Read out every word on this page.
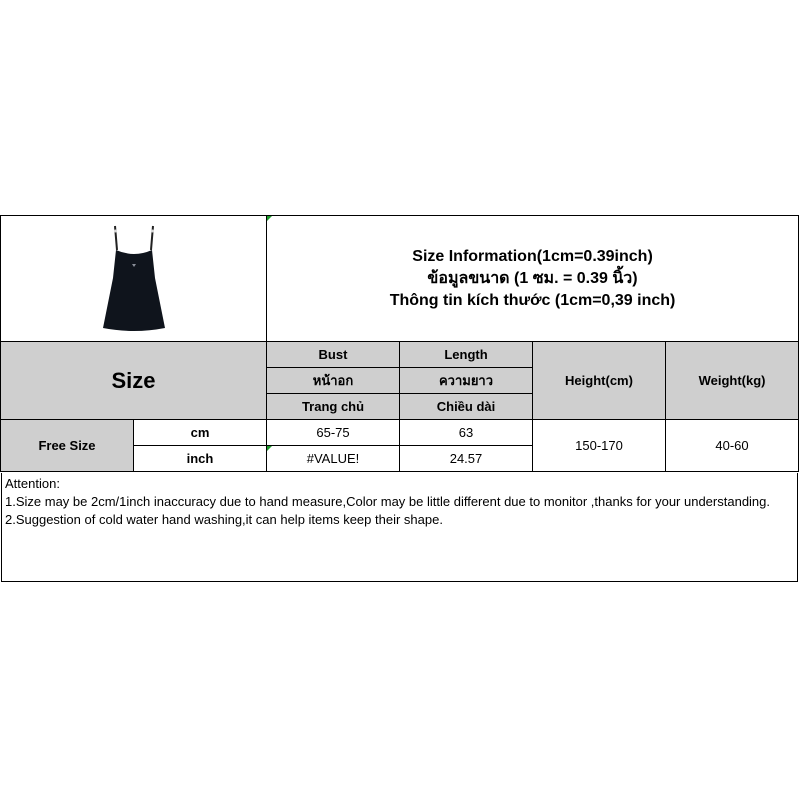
Size Information(1cm=0.39inch)
ข้อมูลขนาด (1 ซม. = 0.39 นิ้ว)
Thông tin kích thước (1cm=0,39 inch)			

Size		Bust	Length	Height(cm)	Weight(kg)
		หน้าอก	ความยาว		
		Trang chủ	Chiều dài		
Free Size	cm	65-75	63	150-170	40-60
	inch	#VALUE!	24.57		
Attention:
1.Size may be 2cm/1inch inaccuracy due to hand measure,Color may be little different due to monitor ,thanks for your understanding.
2.Suggestion of cold water hand washing,it can help items keep their shape.
